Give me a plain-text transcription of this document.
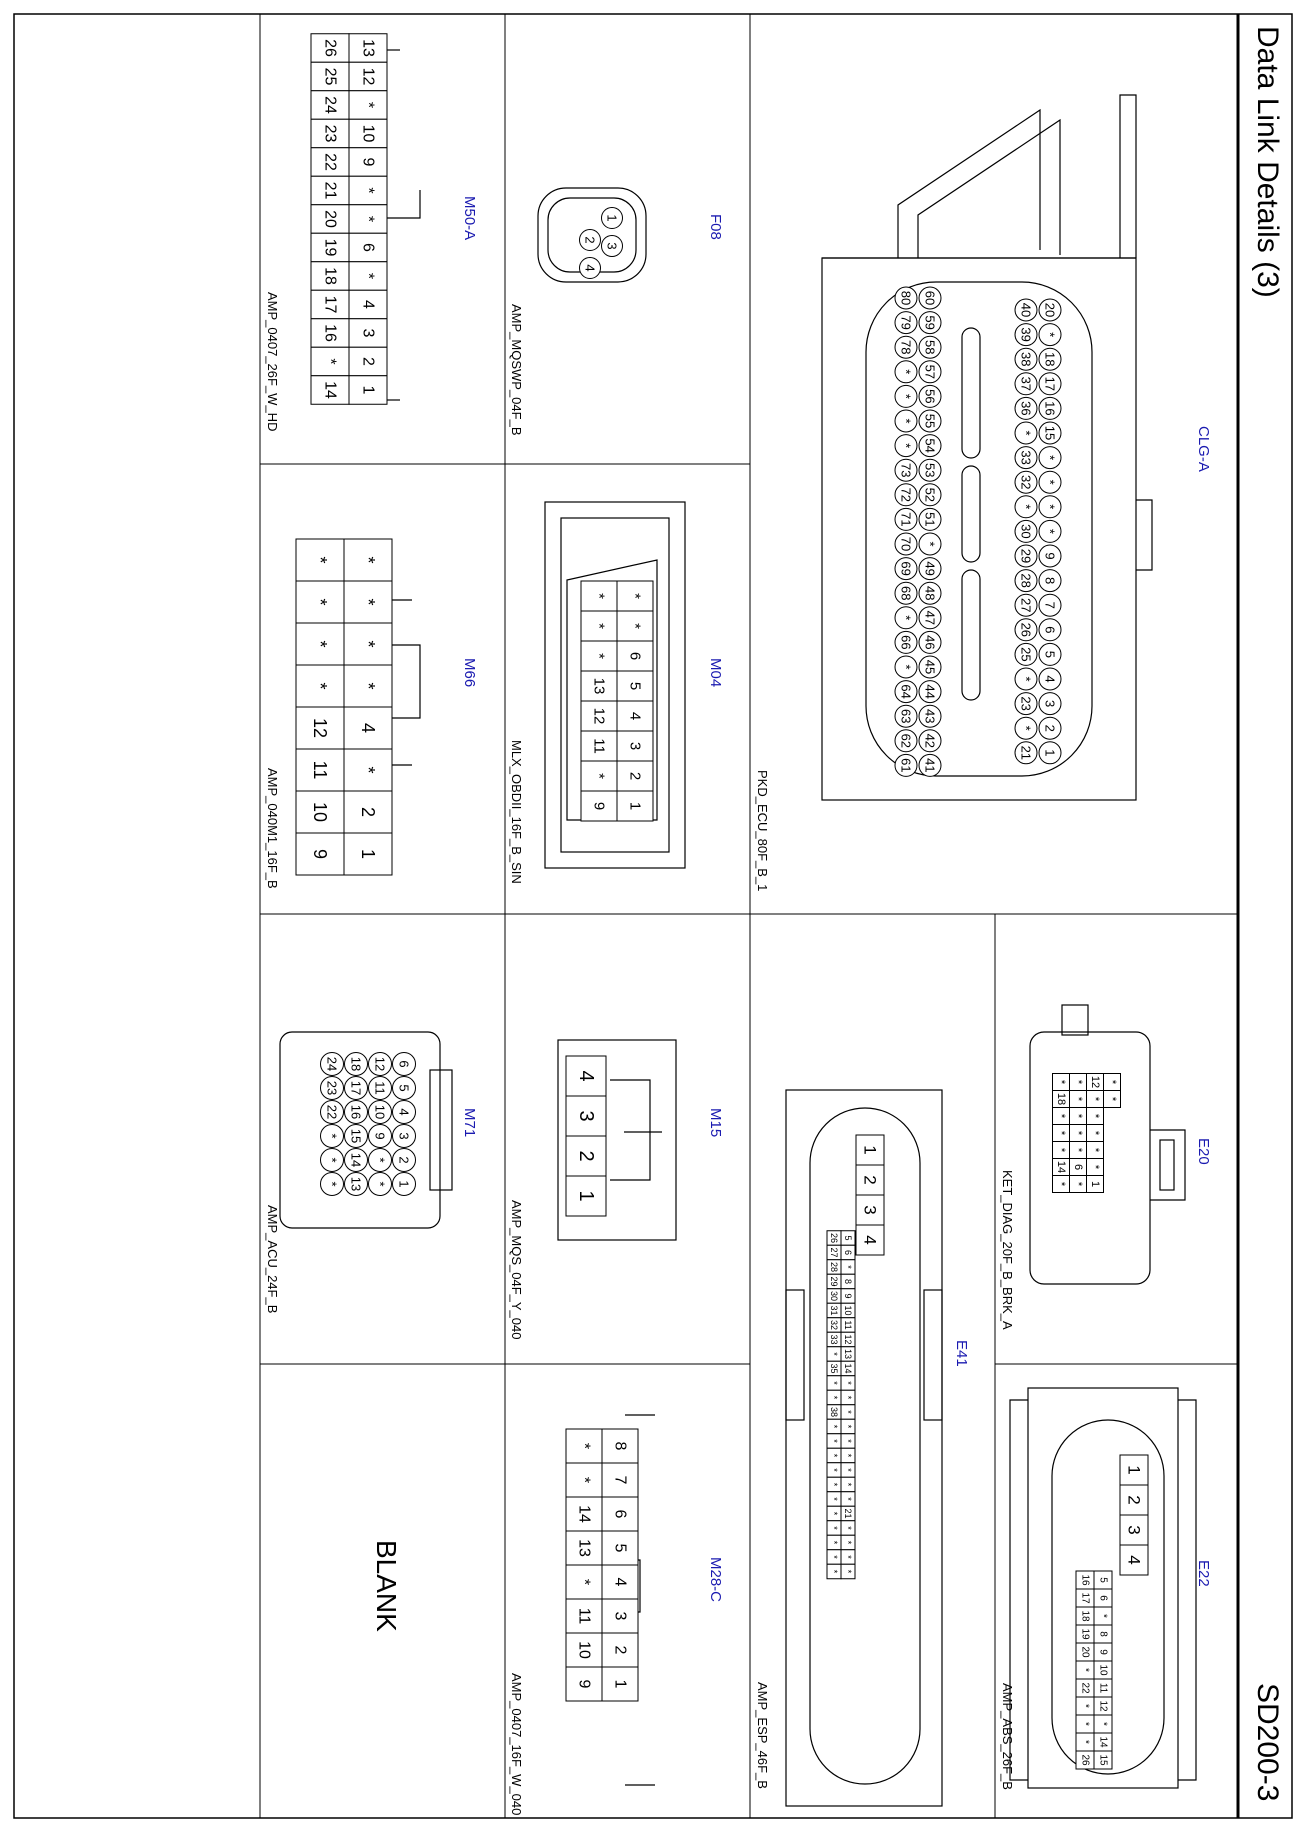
20
*
18
17
16
15
*
*
*
*
9
8
7
6
5
4
3
2
1
40
39
38
37
36
*
33
32
*
30
29
28
27
26
25
*
23
*
21
60
59
58
57
56
55
54
53
52
51
*
49
48
47
46
45
44
43
42
41
80
79
78
*
*
*
*
73
72
71
70
69
68
*
66
*
64
63
62
61
*
*
12
*
*
*
*
*
1
*
*
*
*
*
6
*
*
18
*
*
*
14
*
1
2
3
4
5
6
*
8
9
10
11
12
*
14
15
16
17
18
19
20
*
22
*
*
*
26
1
2
3
4
*
*
6
5
4
3
2
1
*
*
*
13
12
11
*
9
1
2
3
4
5
6
*
8
9
10
11
12
13
14
*
*
*
*
*
*
*
*
*
21
*
*
*
*
26
27
28
29
30
31
32
33
*
35
*
*
38
*
*
*
*
*
*
*
*
*
*
*
13
12
*
10
9
*
*
6
*
4
3
2
1
26
25
24
23
22
21
20
19
18
17
16
*
14
*
*
*
*
4
*
2
1
*
*
*
*
12
11
10
9
4
3
2
1
8
7
6
5
4
3
2
1
*
*
14
13
*
11
10
9
6
5
4
3
2
1
12
11
10
9
*
*
18
17
16
15
14
13
24
23
22
*
*
*
Data Link Details (3)
SD200-3
CLG-A
E20
E22
F08
M04
E41
M50-A
M66
M15
M28-C
M71
PKD_ECU_80F_B_1
KET_DIAG_20F_B_BRK_A
AMP_ABS_26F_B
AMP_MQSWP_04F_B
MLX_OBDII_16F_B_SIN
AMP_ESP_46F_B
AMP_0407_26F_W_HD
AMP_040M1_16F_B
AMP_MQS_04F_Y_040
AMP_0407_16F_W_040
AMP_ACU_24F_B
BLANK
